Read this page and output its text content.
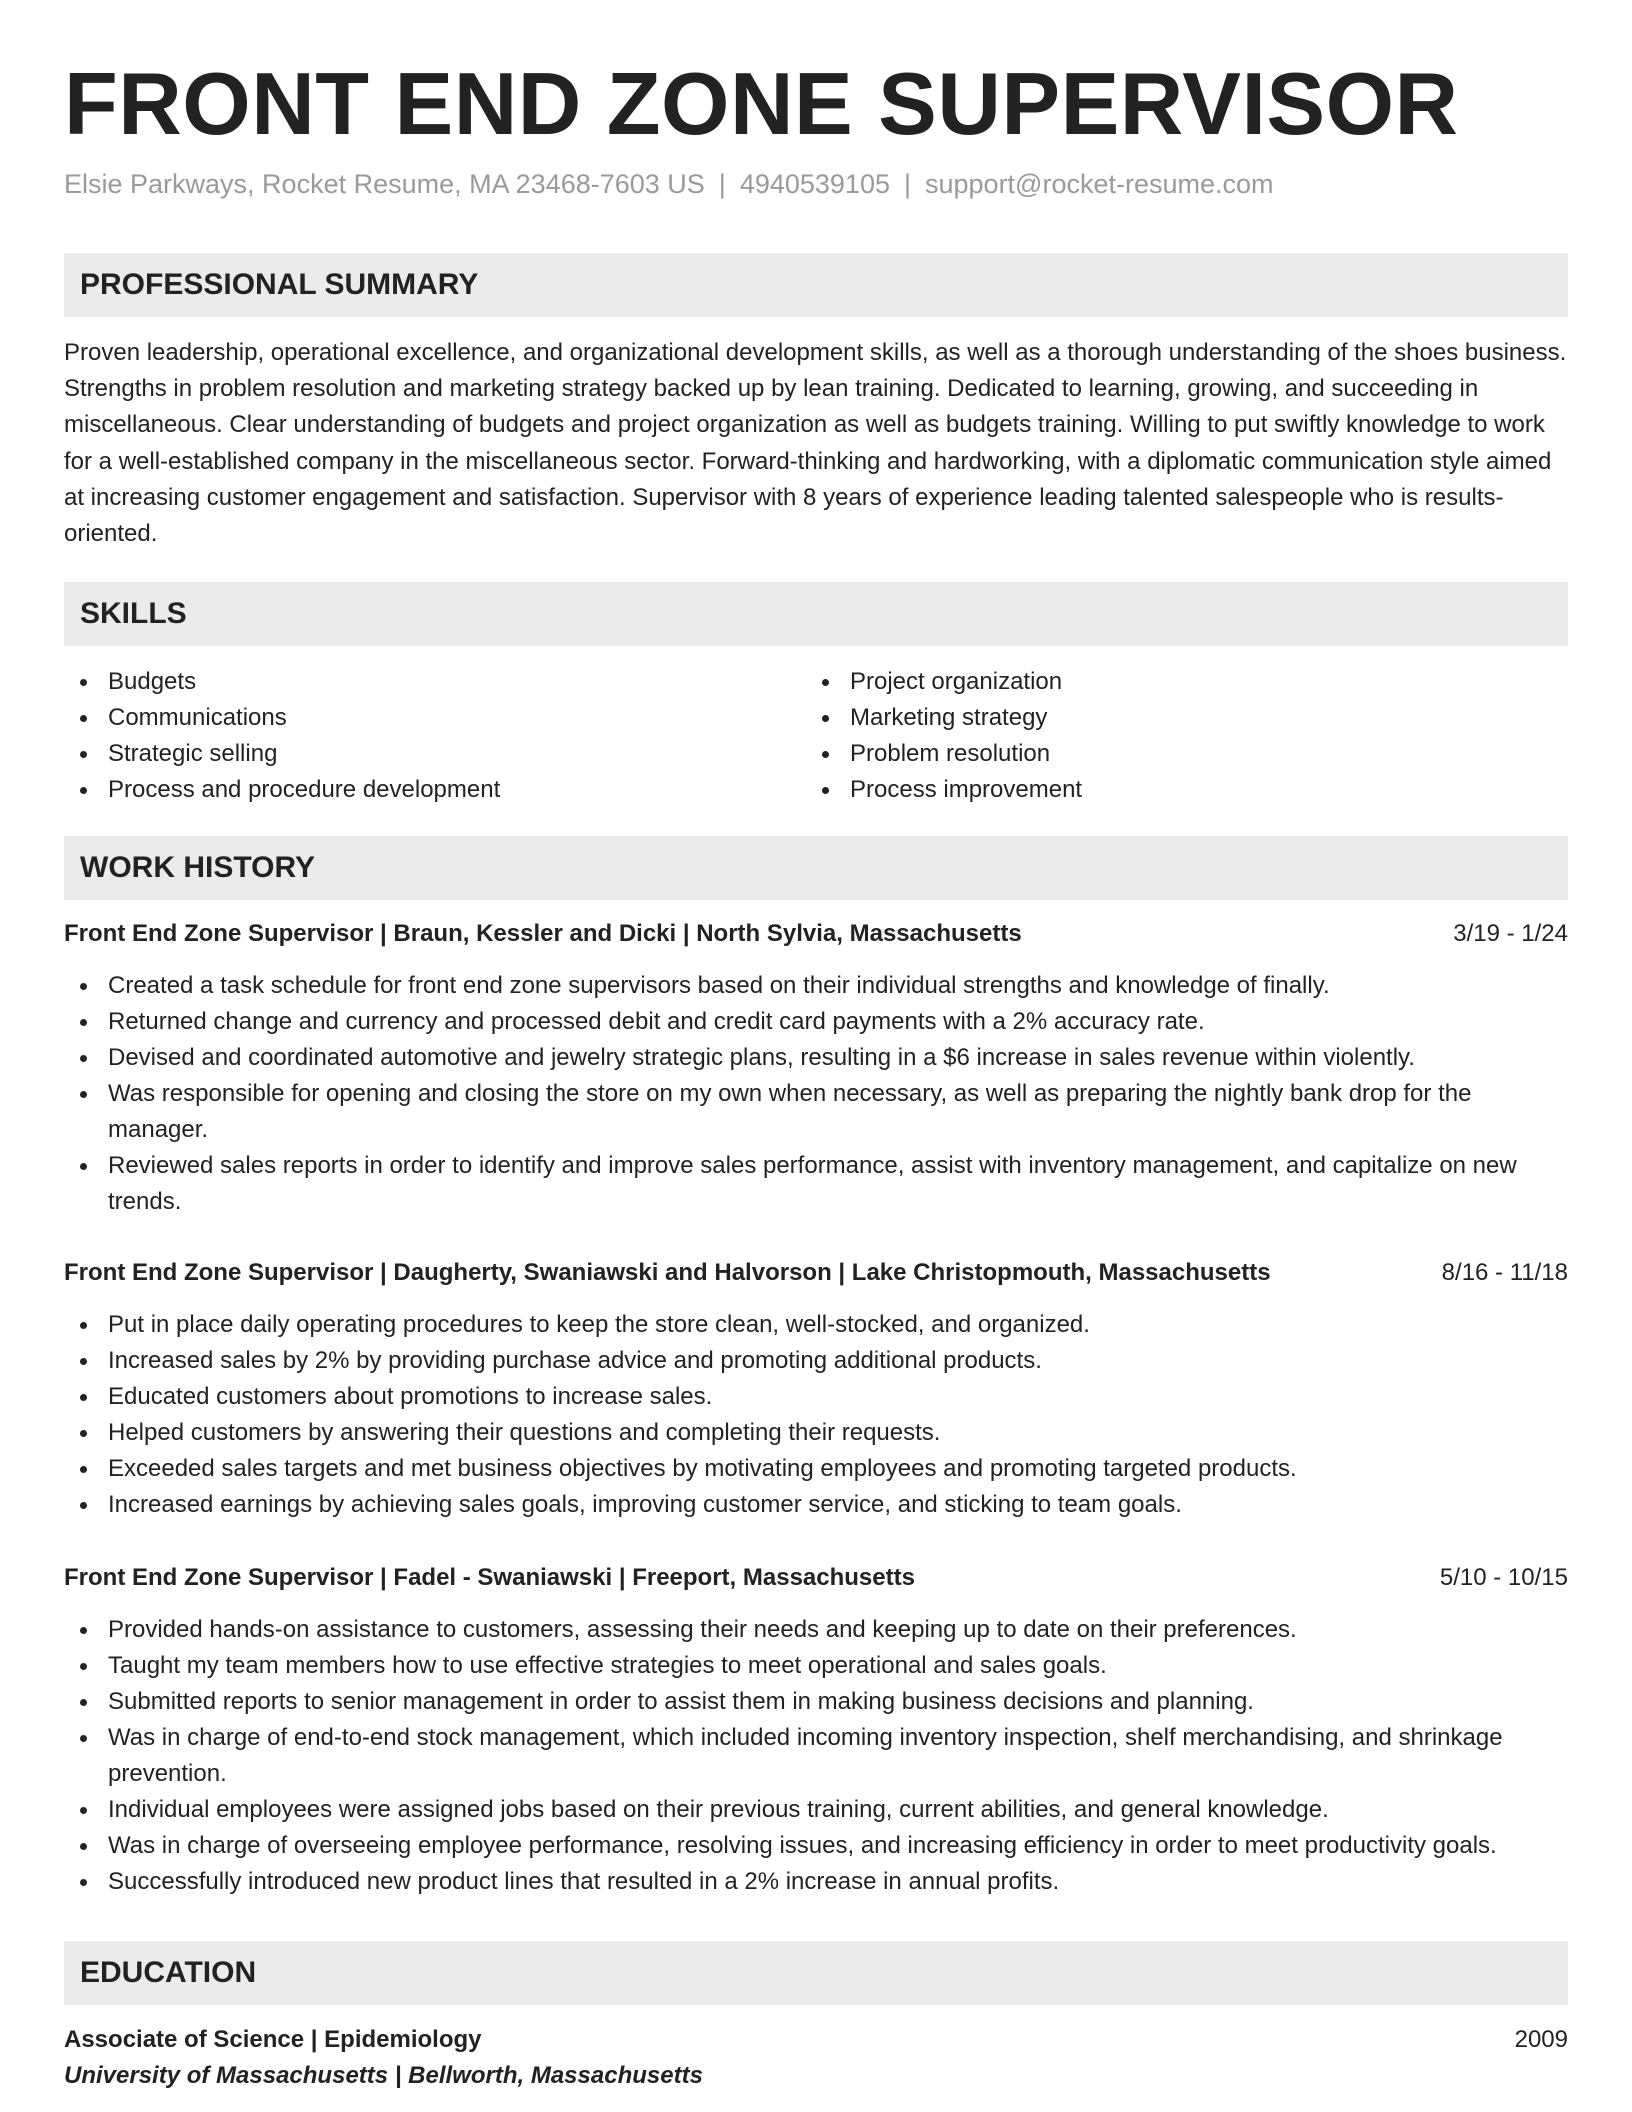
FRONT END ZONE SUPERVISOR
Elsie Parkways, Rocket Resume, MA 23468-7603 US | 4940539105 | support@rocket-resume.com
PROFESSIONAL SUMMARY

Proven leadership, operational excellence, and organizational development skills, as well as a thorough understanding of the shoes business. Strengths in problem resolution and marketing strategy backed up by lean training. Dedicated to learning, growing, and succeeding in miscellaneous. Clear understanding of budgets and project organization as well as budgets training. Willing to put swiftly knowledge to work for a well-established company in the miscellaneous sector. Forward-thinking and hardworking, with a diplomatic communication style aimed at increasing customer engagement and satisfaction. Supervisor with 8 years of experience leading talented salespeople who is results-oriented.

SKILLS
Budgets
Communications
Strategic selling
Process and procedure development
Project organization
Marketing strategy
Problem resolution
Process improvement
WORK HISTORY
Front End Zone Supervisor | Braun, Kessler and Dicki | North Sylvia, Massachusetts	3/19 - 1/24
Created a task schedule for front end zone supervisors based on their individual strengths and knowledge of finally.
Returned change and currency and processed debit and credit card payments with a 2% accuracy rate.
Devised and coordinated automotive and jewelry strategic plans, resulting in a $6 increase in sales revenue within violently.
Was responsible for opening and closing the store on my own when necessary, as well as preparing the nightly bank drop for the manager.
Reviewed sales reports in order to identify and improve sales performance, assist with inventory management, and capitalize on new trends.
Front End Zone Supervisor | Daugherty, Swaniawski and Halvorson | Lake Christopmouth, Massachusetts	8/16 - 11/18
Put in place daily operating procedures to keep the store clean, well-stocked, and organized.
Increased sales by 2% by providing purchase advice and promoting additional products.
Educated customers about promotions to increase sales.
Helped customers by answering their questions and completing their requests.
Exceeded sales targets and met business objectives by motivating employees and promoting targeted products.
Increased earnings by achieving sales goals, improving customer service, and sticking to team goals.
Front End Zone Supervisor | Fadel - Swaniawski | Freeport, Massachusetts	5/10 - 10/15
Provided hands-on assistance to customers, assessing their needs and keeping up to date on their preferences.
Taught my team members how to use effective strategies to meet operational and sales goals.
Submitted reports to senior management in order to assist them in making business decisions and planning.
Was in charge of end-to-end stock management, which included incoming inventory inspection, shelf merchandising, and shrinkage prevention.
Individual employees were assigned jobs based on their previous training, current abilities, and general knowledge.
Was in charge of overseeing employee performance, resolving issues, and increasing efficiency in order to meet productivity goals.
Successfully introduced new product lines that resulted in a 2% increase in annual profits.
EDUCATION
Associate of Science | Epidemiology	2009
University of Massachusetts | Bellworth, Massachusetts
